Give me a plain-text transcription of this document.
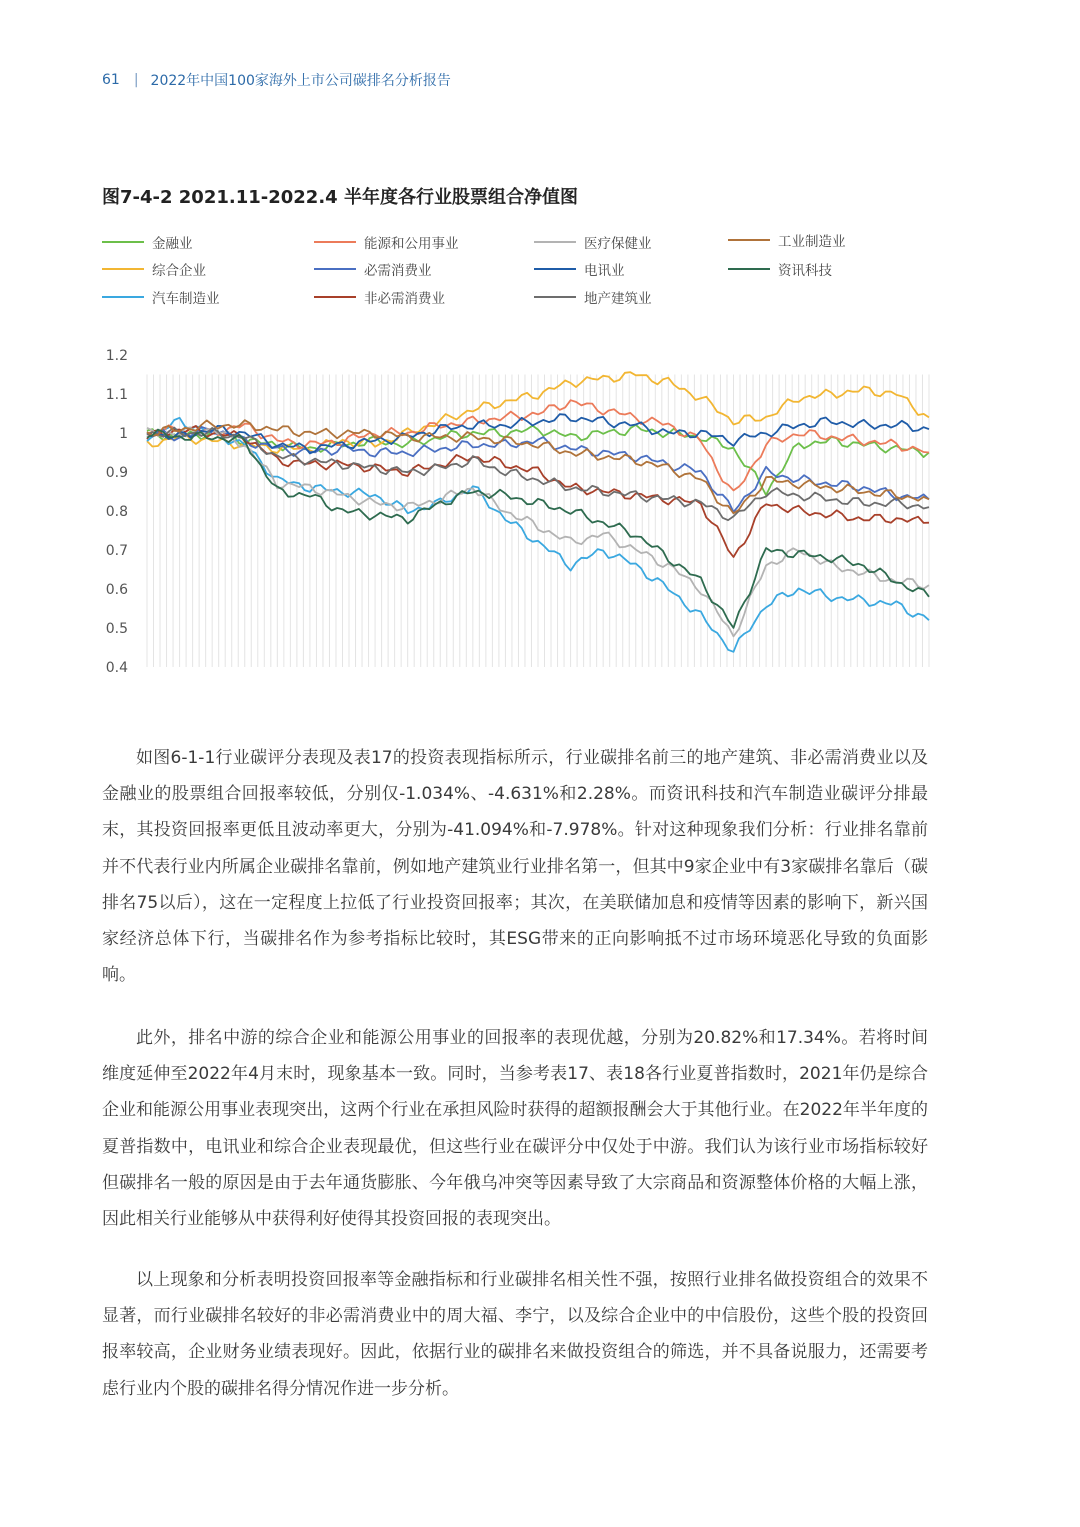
61 | 2022年中国100家海外上市公司碳排名分析报告
图7-4-2 2021.11-2022.4 半年度各行业股票组合净值图
金融业
综合企业
汽车制造业
能源和公用事业
必需消费业
非必需消费业
医疗保健业
电讯业
地产建筑业
工业制造业
资讯科技
1.2
1.1
1
0.9
0.8
0.7
0.6
0.5
0.4

如图6-1-1行业碳评分表现及表17的投资表现指标所示，行业碳排名前三的地产建筑、非必需消费业以及金融业的股票组合回报率较低，分别仅-1.034%、-4.631%和2.28%。而资讯科技和汽车制造业碳评分排最末，其投资回报率更低且波动率更大，分别为-41.094%和-7.978%。针对这种现象我们分析：行业排名靠前并不代表行业内所属企业碳排名靠前，例如地产建筑业行业排名第一，但其中9家企业中有3家碳排名靠后（碳排名75以后），这在一定程度上拉低了行业投资回报率；其次，在美联储加息和疫情等因素的影响下，新兴国家经济总体下行，当碳排名作为参考指标比较时，其ESG带来的正向影响抵不过市场环境恶化导致的负面影响。

此外，排名中游的综合企业和能源公用事业的回报率的表现优越，分别为20.82%和17.34%。若将时间维度延伸至2022年4月末时，现象基本一致。同时，当参考表17、表18各行业夏普指数时，2021年仍是综合企业和能源公用事业表现突出，这两个行业在承担风险时获得的超额报酬会大于其他行业。在2022年半年度的夏普指数中，电讯业和综合企业表现最优，但这些行业在碳评分中仅处于中游。我们认为该行业市场指标较好但碳排名一般的原因是由于去年通货膨胀、今年俄乌冲突等因素导致了大宗商品和资源整体价格的大幅上涨，因此相关行业能够从中获得利好使得其投资回报的表现突出。

以上现象和分析表明投资回报率等金融指标和行业碳排名相关性不强，按照行业排名做投资组合的效果不显著，而行业碳排名较好的非必需消费业中的周大福、李宁，以及综合企业中的中信股份，这些个股的投资回报率较高，企业财务业绩表现好。因此，依据行业的碳排名来做投资组合的筛选，并不具备说服力，还需要考虑行业内个股的碳排名得分情况作进一步分析。
